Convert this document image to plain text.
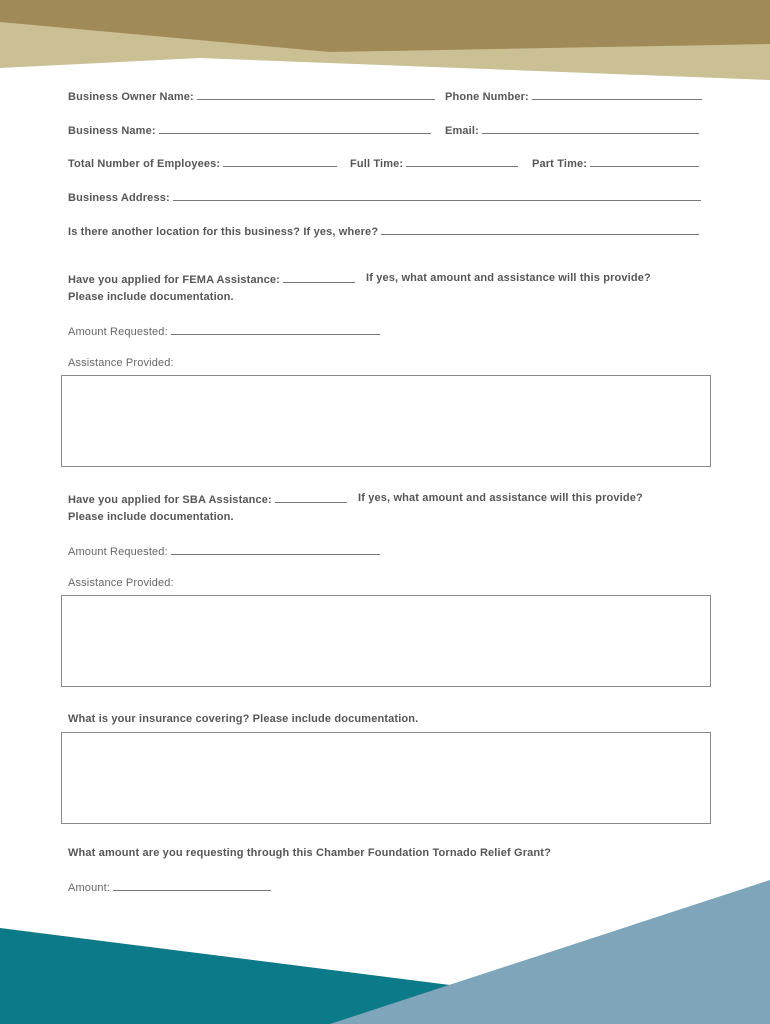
Business Owner Name:	Phone Number:
Business Name:	Email:
Total Number of Employees:	Full Time:	Part Time:
Business Address:
Is there another location for this business? If yes, where?
Have you applied for FEMA Assistance:	If yes, what amount and assistance will this provide?
Please include documentation.
Amount Requested:
Assistance Provided:
Have you applied for SBA Assistance:	If yes, what amount and assistance will this provide?
Please include documentation.
Amount Requested:
Assistance Provided:
What is your insurance covering? Please include documentation.
What amount are you requesting through this Chamber Foundation Tornado Relief Grant?
Amount:
